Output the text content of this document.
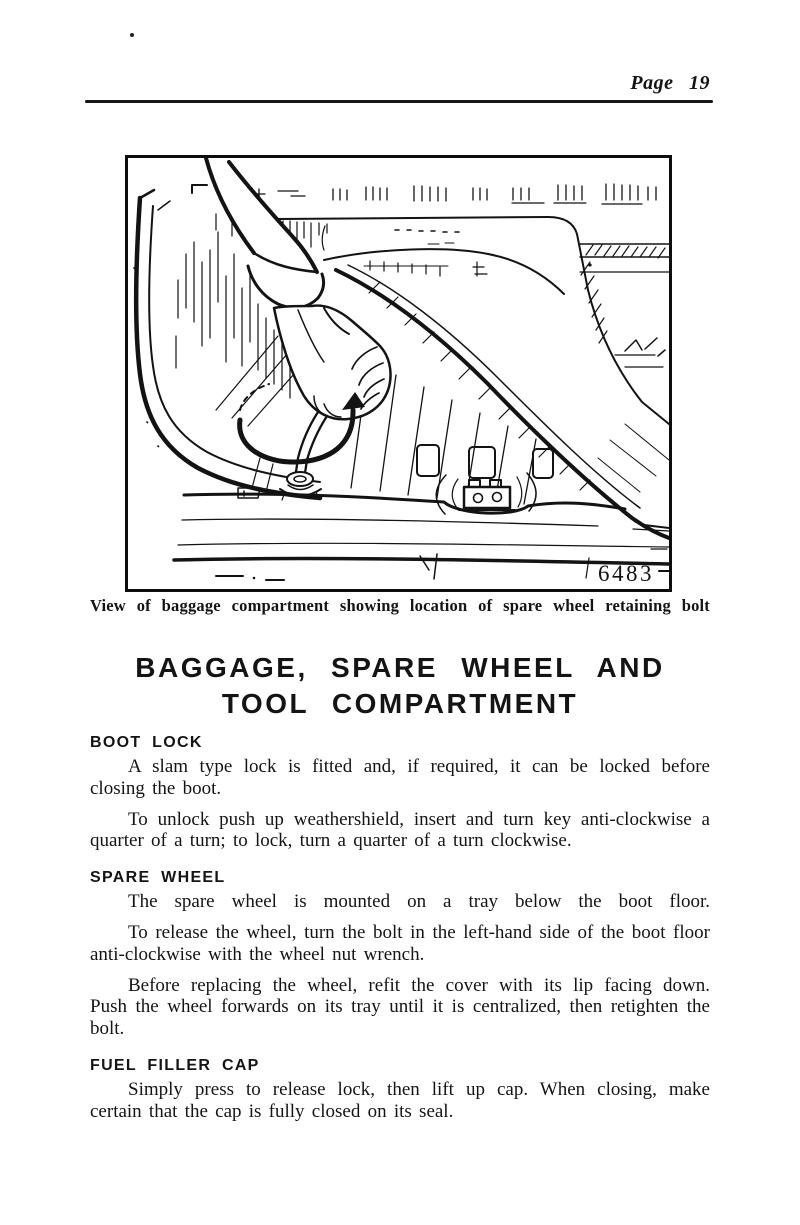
Page 19
6483

View of baggage compartment showing location of spare wheel retaining bolt

BAGGAGE, SPARE WHEEL AND
TOOL COMPARTMENT
BOOT LOCK

A slam type lock is fitted and, if required, it can be locked before closing the boot.

To unlock push up weathershield, insert and turn key anti-clockwise a quarter of a turn; to lock, turn a quarter of a turn clockwise.

SPARE WHEEL

The spare wheel is mounted on a tray below the boot floor.

To release the wheel, turn the bolt in the left-hand side of the boot floor anti-clockwise with the wheel nut wrench.

Before replacing the wheel, refit the cover with its lip facing down. Push the wheel forwards on its tray until it is centralized, then retighten the bolt.

FUEL FILLER CAP

Simply press to release lock, then lift up cap. When closing, make certain that the cap is fully closed on its seal.
